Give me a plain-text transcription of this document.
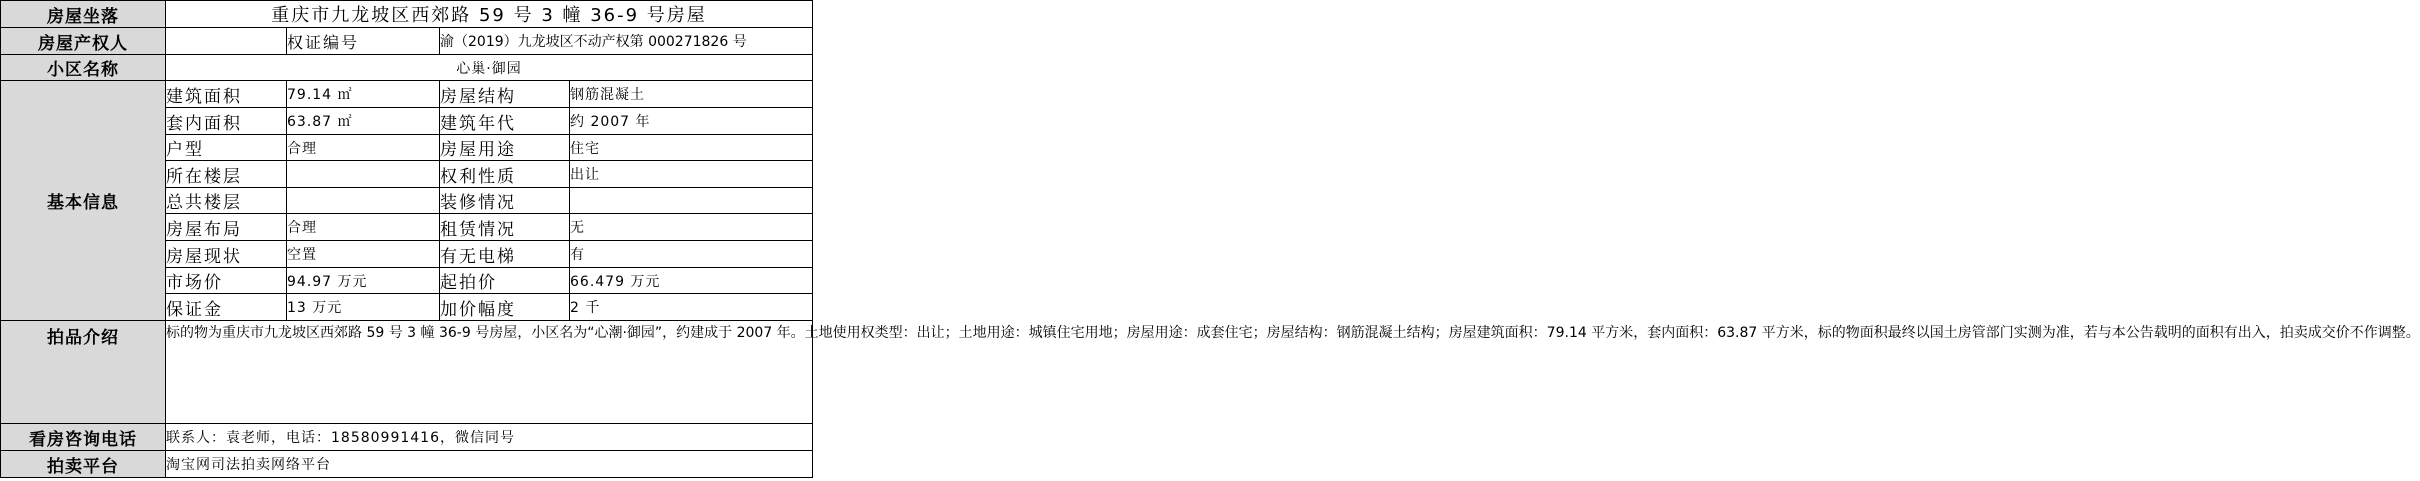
房屋坐落	重庆市九龙坡区西郊路 59 号 3 幢 36-9 号房屋			
房屋产权人		权证编号	渝（2019）九龙坡区不动产权第 000271826 号	
小区名称	心巢·御园			
基本信息	建筑面积	79.14 ㎡	房屋结构	钢筋混凝土
	套内面积	63.87 ㎡	建筑年代	约 2007 年
	户型	合理	房屋用途	住宅
	所在楼层		权利性质	出让
	总共楼层		装修情况	
	房屋布局	合理	租赁情况	无
	房屋现状	空置	有无电梯	有
	市场价	94.97 万元	起拍价	66.479 万元
	保证金	13 万元	加价幅度	2 千
拍品介绍	标的物为重庆市九龙坡区西郊路 59 号 3 幢 36-9 号房屋，小区名为“心潮·御园”，约建成于 2007 年。土地使用权类型：出让；土地用途：城镇住宅用地；房屋用途：成套住宅；房屋结构：钢筋混凝土结构；房屋建筑面积：79.14 平方米，套内面积：63.87 平方米，标的物面积最终以国土房管部门实测为准，若与本公告载明的面积有出入，拍卖成交价不作调整。			
看房咨询电话	联系人：袁老师，电话：18580991416，微信同号			
拍卖平台	淘宝网司法拍卖网络平台			
